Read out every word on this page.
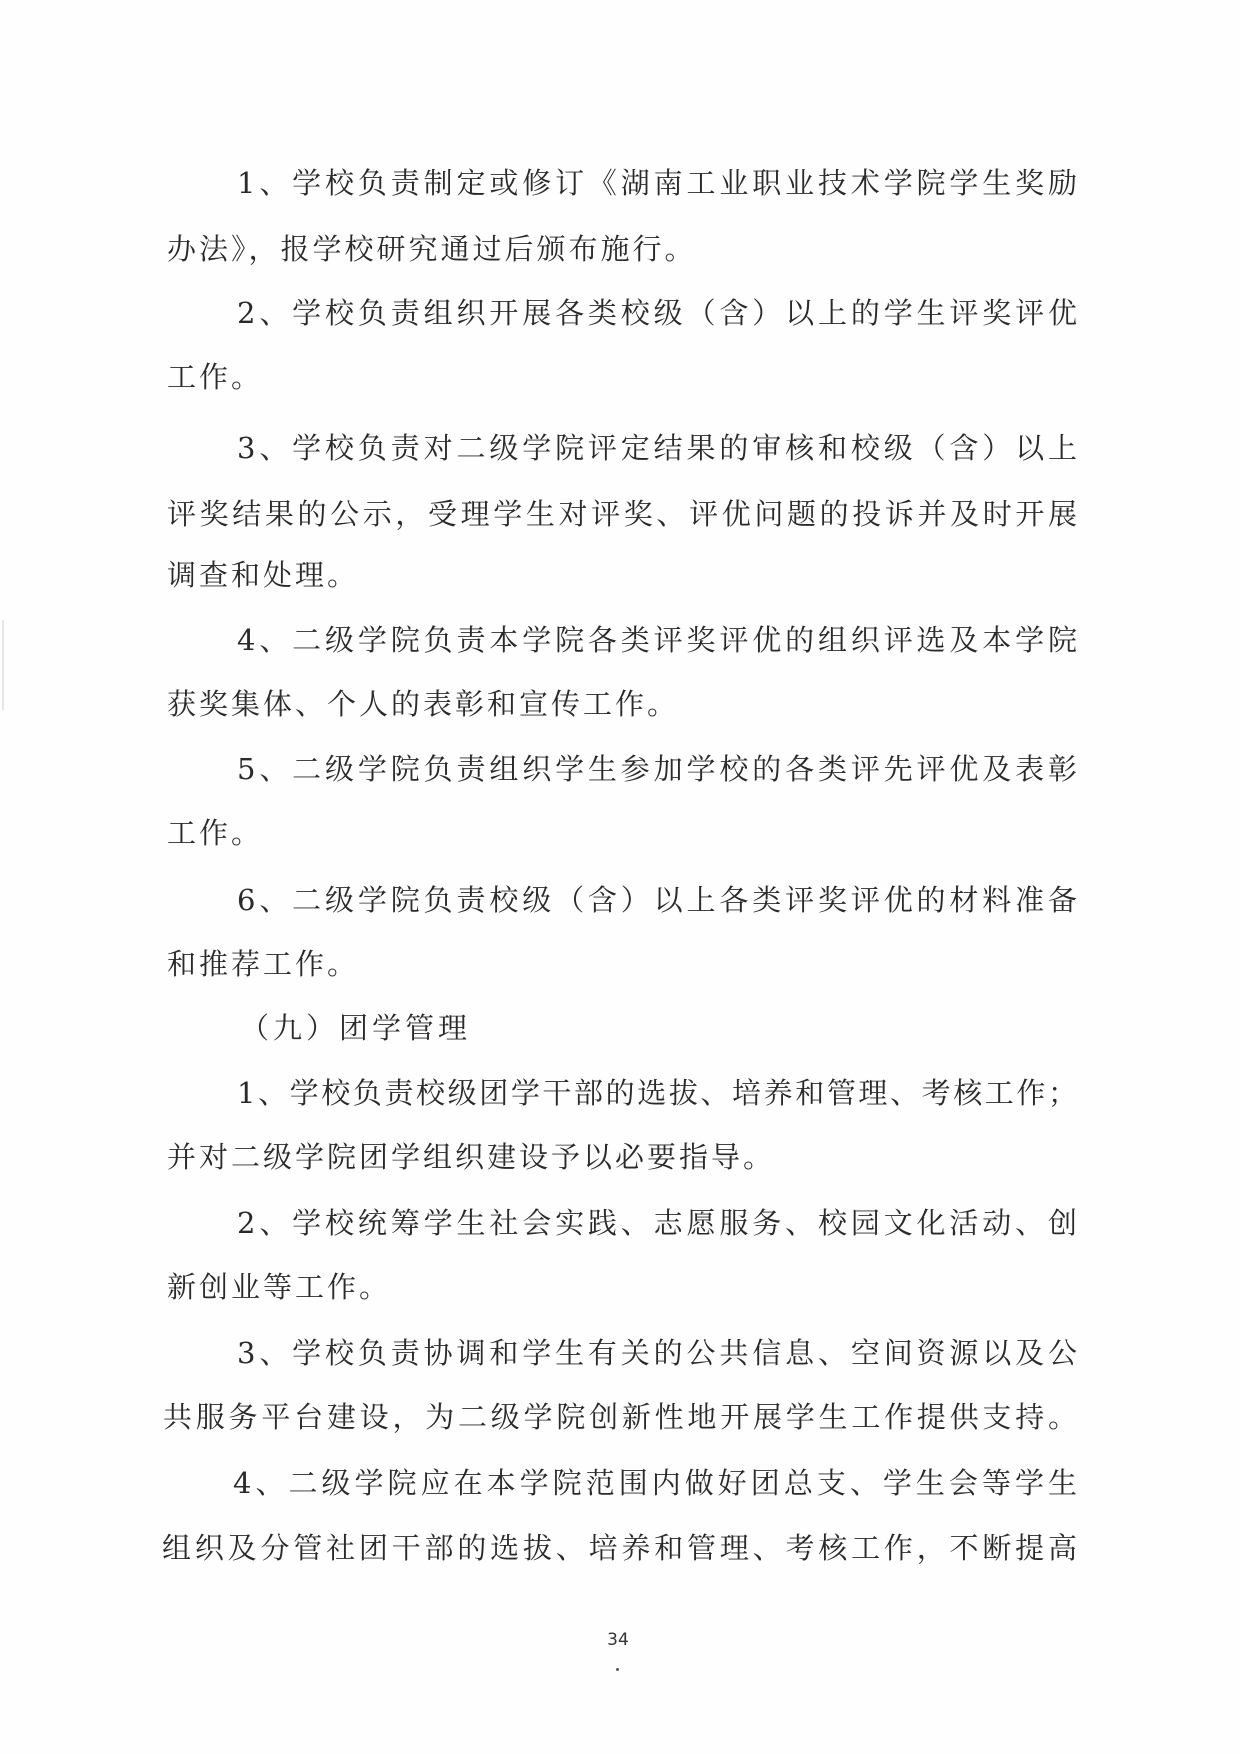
1、学校负责制定或修订《湖南工业职业技术学院学生奖励
办法》，报学校研究通过后颁布施行。
2、学校负责组织开展各类校级（含）以上的学生评奖评优
工作。
3、学校负责对二级学院评定结果的审核和校级（含）以上
评奖结果的公示，受理学生对评奖、评优问题的投诉并及时开展
调查和处理。
4、二级学院负责本学院各类评奖评优的组织评选及本学院
获奖集体、个人的表彰和宣传工作。
5、二级学院负责组织学生参加学校的各类评先评优及表彰
工作。
6、二级学院负责校级（含）以上各类评奖评优的材料准备
和推荐工作。
（九）团学管理
1、学校负责校级团学干部的选拔、培养和管理、考核工作；
并对二级学院团学组织建设予以必要指导。
2、学校统筹学生社会实践、志愿服务、校园文化活动、创
新创业等工作。
3、学校负责协调和学生有关的公共信息、空间资源以及公
共服务平台建设，为二级学院创新性地开展学生工作提供支持。
4、二级学院应在本学院范围内做好团总支、学生会等学生
组织及分管社团干部的选拔、培养和管理、考核工作，不断提高
34
